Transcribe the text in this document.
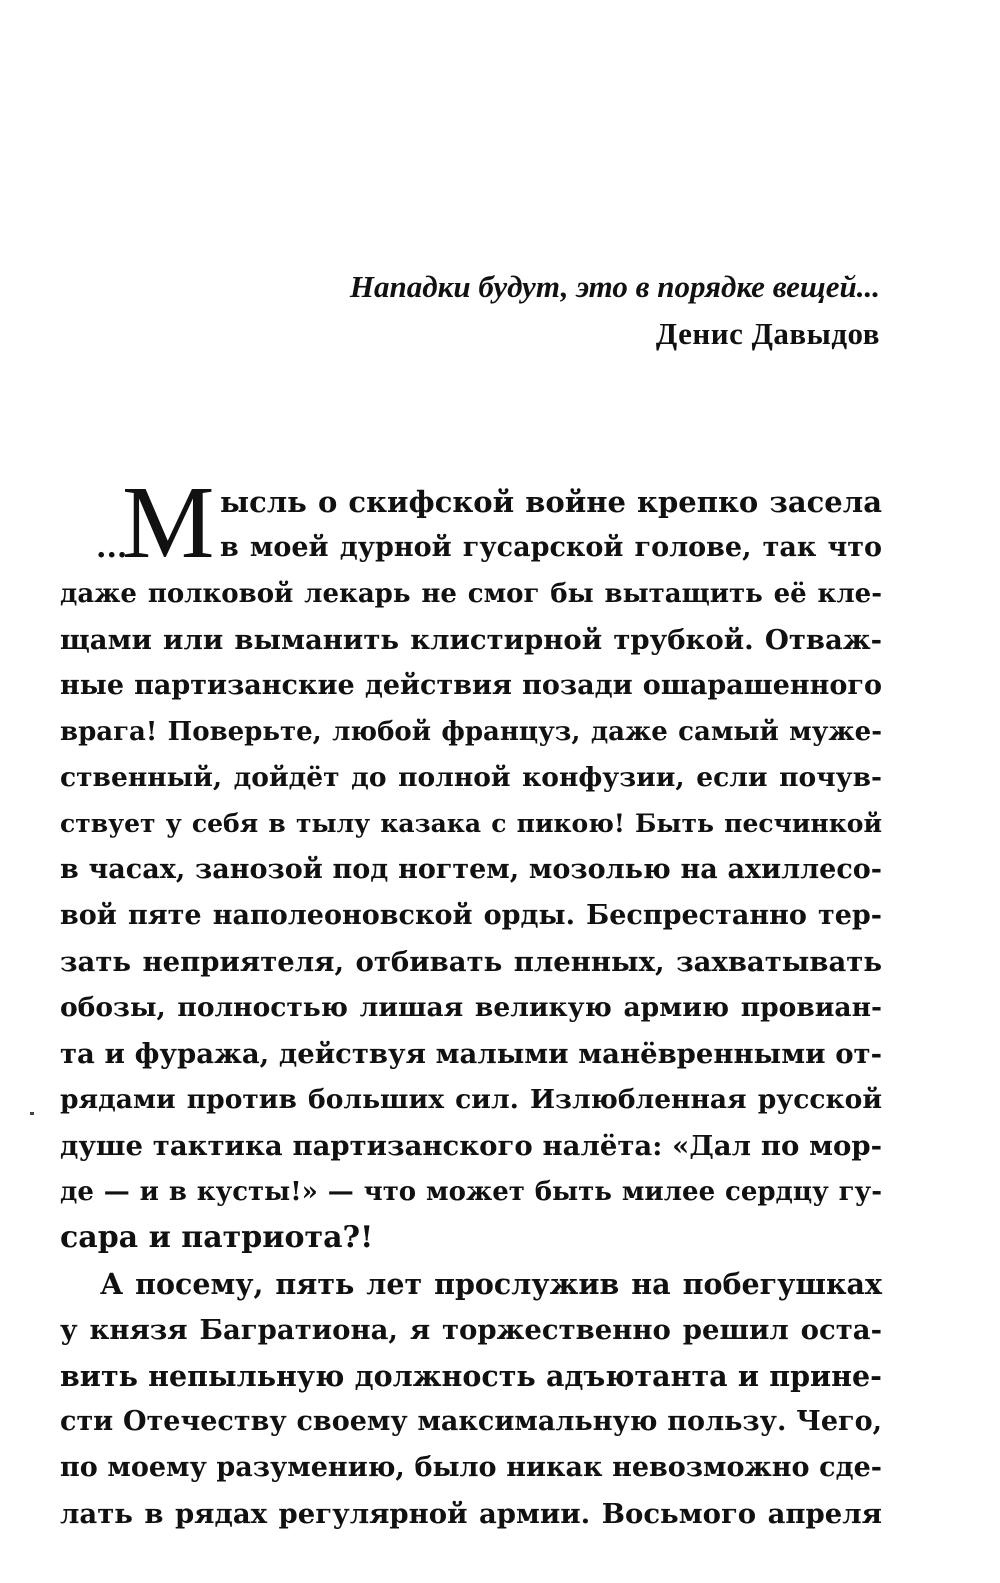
Нападки будут, это в порядке вещей...
Денис Давыдов
...
М ысль о скифской войне крепко засела
в моей дурной гусарской голове, так что
даже полковой лекарь не смог бы вытащить её кле-
щами или выманить клистирной трубкой. Отваж-
ные партизанские действия позади ошарашенного
врага! Поверьте, любой француз, даже самый муже-
ственный, дойдёт до полной конфузии, если почув-
ствует у себя в тылу казака с пикою! Быть песчинкой
в часах, занозой под ногтем, мозолью на ахиллесо-
вой пяте наполеоновской орды. Беспрестанно тер-
зать неприятеля, отбивать пленных, захватывать
обозы, полностью лишая великую армию провиан-
та и фуража, действуя малыми манёвренными от-
рядами против больших сил. Излюбленная русской
душе тактика партизанского налёта: «Дал по мор-
де — и в кусты!» — что может быть милее сердцу гу-
сара и патриота?!
А посему, пять лет прослужив на побегушках
у князя Багратиона, я торжественно решил оста-
вить непыльную должность адъютанта и принe-
сти Отечеству своему максимальную пользу. Чего,
по моему разумению, было никак невозможно сде-
лать в рядах регулярной армии. Восьмого апреля
